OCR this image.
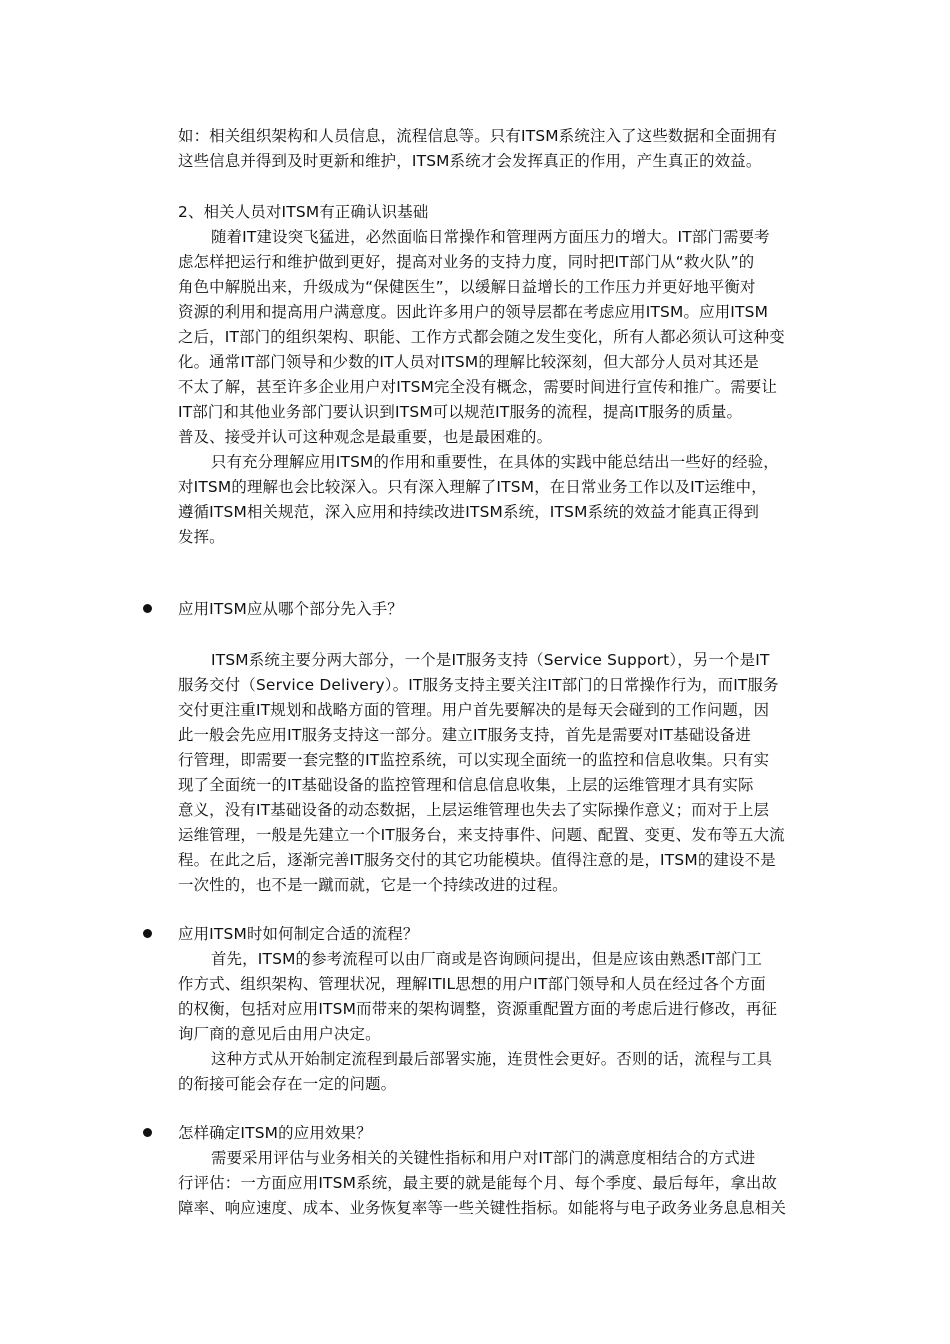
如：相关组织架构和人员信息，流程信息等。只有ITSM系统注入了这些数据和全面拥有
这些信息并得到及时更新和维护，ITSM系统才会发挥真正的作用，产生真正的效益。
2、相关人员对ITSM有正确认识基础
随着IT建设突飞猛进，必然面临日常操作和管理两方面压力的增大。IT部门需要考
虑怎样把运行和维护做到更好，提高对业务的支持力度，同时把IT部门从“救火队”的
角色中解脱出来，升级成为“保健医生”，以缓解日益增长的工作压力并更好地平衡对
资源的利用和提高用户满意度。因此许多用户的领导层都在考虑应用ITSM。应用ITSM
之后，IT部门的组织架构、职能、工作方式都会随之发生变化，所有人都必须认可这种变
化。通常IT部门领导和少数的IT人员对ITSM的理解比较深刻，但大部分人员对其还是
不太了解，甚至许多企业用户对ITSM完全没有概念，需要时间进行宣传和推广。需要让
IT部门和其他业务部门要认识到ITSM可以规范IT服务的流程，提高IT服务的质量。
普及、接受并认可这种观念是最重要，也是最困难的。
只有充分理解应用ITSM的作用和重要性，在具体的实践中能总结出一些好的经验，
对ITSM的理解也会比较深入。只有深入理解了ITSM，在日常业务工作以及IT运维中，
遵循ITSM相关规范，深入应用和持续改进ITSM系统，ITSM系统的效益才能真正得到
发挥。
应用ITSM应从哪个部分先入手？
ITSM系统主要分两大部分，一个是IT服务支持（Service Support），另一个是IT
服务交付（Service Delivery）。IT服务支持主要关注IT部门的日常操作行为，而IT服务
交付更注重IT规划和战略方面的管理。用户首先要解决的是每天会碰到的工作问题，因
此一般会先应用IT服务支持这一部分。建立IT服务支持，首先是需要对IT基础设备进
行管理，即需要一套完整的IT监控系统，可以实现全面统一的监控和信息收集。只有实
现了全面统一的IT基础设备的监控管理和信息信息收集，上层的运维管理才具有实际
意义，没有IT基础设备的动态数据，上层运维管理也失去了实际操作意义；而对于上层
运维管理，一般是先建立一个IT服务台，来支持事件、问题、配置、变更、发布等五大流
程。在此之后，逐渐完善IT服务交付的其它功能模块。值得注意的是，ITSM的建设不是
一次性的，也不是一蹴而就，它是一个持续改进的过程。
应用ITSM时如何制定合适的流程？
首先，ITSM的参考流程可以由厂商或是咨询顾问提出，但是应该由熟悉IT部门工
作方式、组织架构、管理状况，理解ITIL思想的用户IT部门领导和人员在经过各个方面
的权衡，包括对应用ITSM而带来的架构调整，资源重配置方面的考虑后进行修改，再征
询厂商的意见后由用户决定。
这种方式从开始制定流程到最后部署实施，连贯性会更好。否则的话，流程与工具
的衔接可能会存在一定的问题。
怎样确定ITSM的应用效果？
需要采用评估与业务相关的关键性指标和用户对IT部门的满意度相结合的方式进
行评估：一方面应用ITSM系统，最主要的就是能每个月、每个季度、最后每年，拿出故
障率、响应速度、成本、业务恢复率等一些关键性指标。如能将与电子政务业务息息相关
